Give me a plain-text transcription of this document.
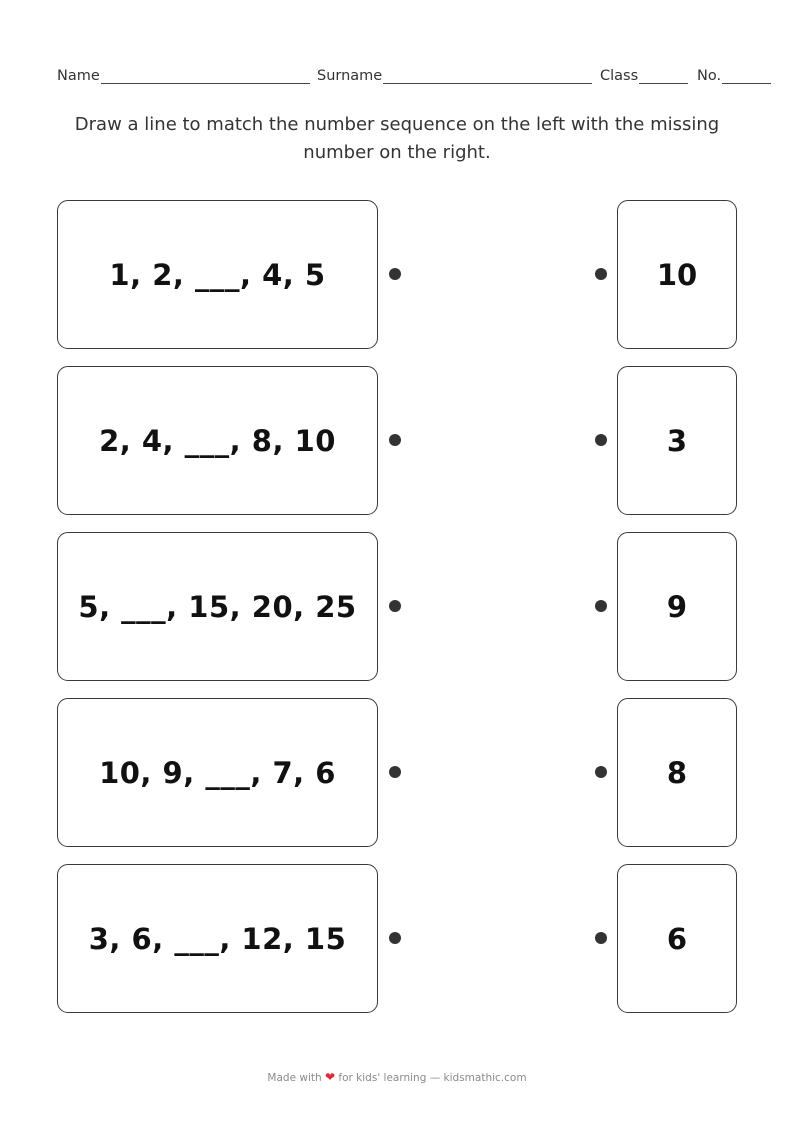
Name	Surname	Class	No.
Draw a line to match the number sequence on the left with the missing number on the right.
1, 2, ___, 4, 5	10
2, 4, ___, 8, 10	3
5, ___, 15, 20, 25	9
10, 9, ___, 7, 6	8
3, 6, ___, 12, 15	6
Made with ❤ for kids' learning — kidsmathic.com
